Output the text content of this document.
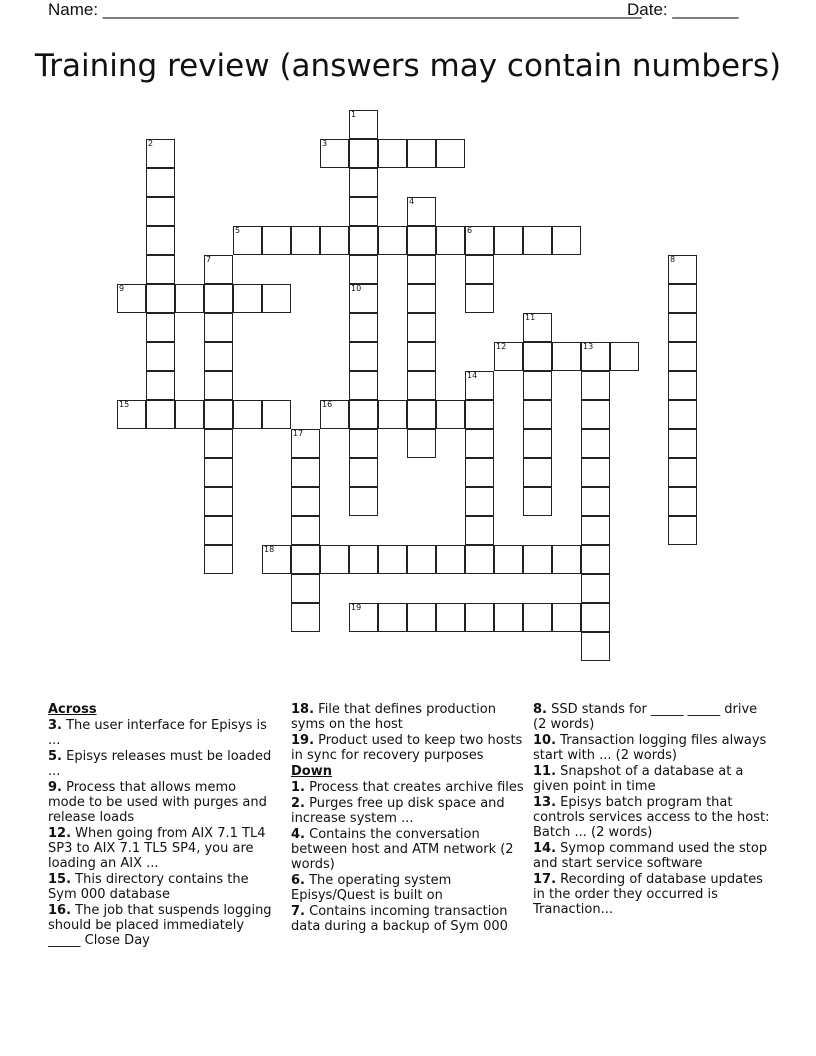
Name: _________________________________________________________
Date: _______
Training review (answers may contain numbers)
3
5	6
9
12	13
15	16
18
19
1
10
2
4
7	8
11
14
17
Across
3. The user interface for Episys is ...
5. Episys releases must be loaded ...
9. Process that allows memo mode to be used with purges and release loads
12. When going from AIX 7.1 TL4 SP3 to AIX 7.1 TL5 SP4, you are loading an AIX ...
15. This directory contains the Sym 000 database
16. The job that suspends logging should be placed immediately _____ Close Day
18. File that defines production syms on the host
19. Product used to keep two hosts in sync for recovery purposes
Down
1. Process that creates archive files
2. Purges free up disk space and increase system ...
4. Contains the conversation between host and ATM network (2 words)
6. The operating system Episys/Quest is built on
7. Contains incoming transaction data during a backup of Sym 000
8. SSD stands for _____ _____ drive (2 words)
10. Transaction logging files always start with ... (2 words)
11. Snapshot of a database at a given point in time
13. Episys batch program that controls services access to the host: Batch ... (2 words)
14. Symop command used the stop and start service software
17. Recording of database updates in the order they occurred is Tranaction...
